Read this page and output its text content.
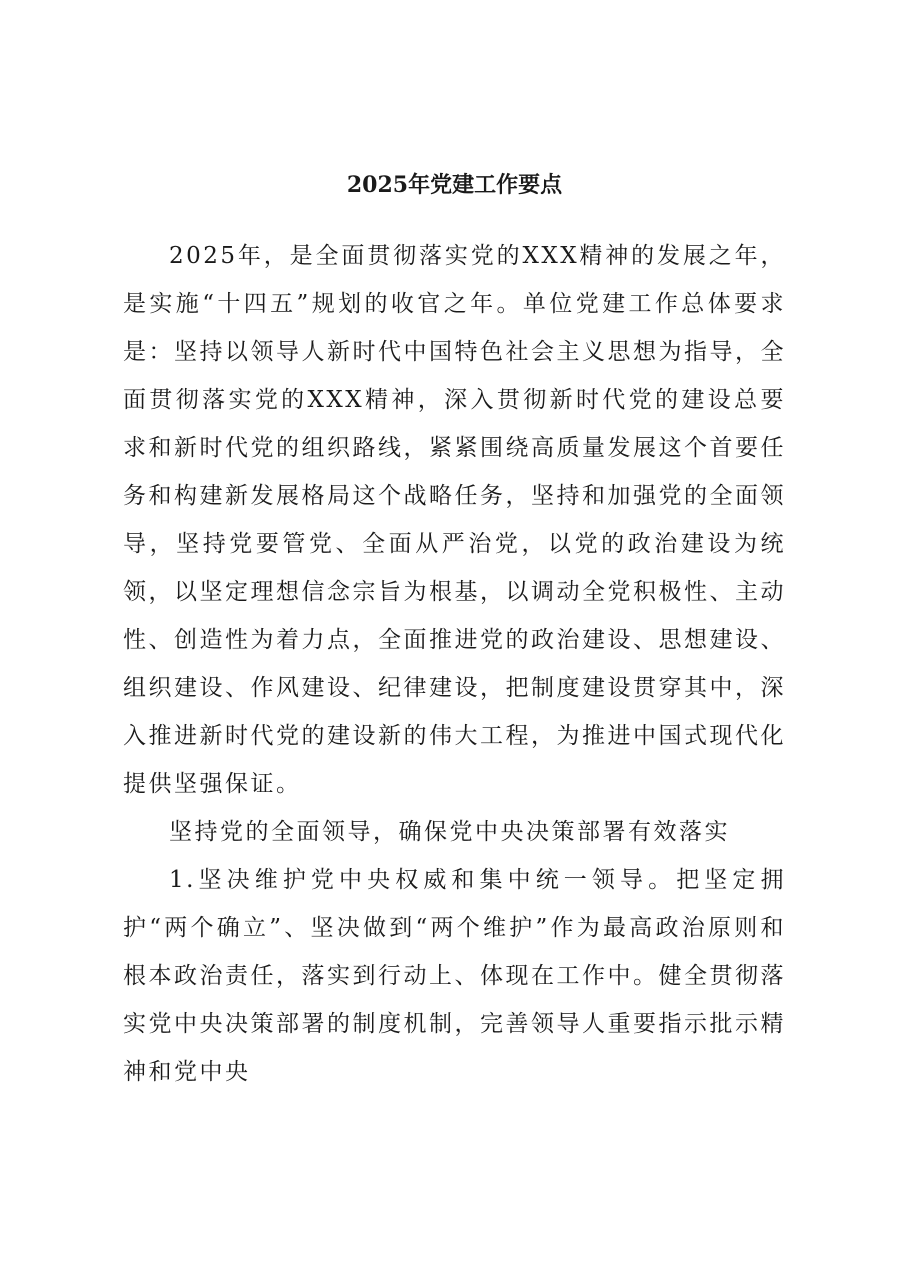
2025年党建工作要点

2025年，是全面贯彻落实党的XXX精神的发展之年，是实施“十四五”规划的收官之年。单位党建工作总体要求是：坚持以领导人新时代中国特色社会主义思想为指导，全面贯彻落实党的XXX精神，深入贯彻新时代党的建设总要求和新时代党的组织路线，紧紧围绕高质量发展这个首要任务和构建新发展格局这个战略任务，坚持和加强党的全面领导，坚持党要管党、全面从严治党，以党的政治建设为统领，以坚定理想信念宗旨为根基，以调动全党积极性、主动性、创造性为着力点，全面推进党的政治建设、思想建设、组织建设、作风建设、纪律建设，把制度建设贯穿其中，深入推进新时代党的建设新的伟大工程，为推进中国式现代化提供坚强保证。

坚持党的全面领导，确保党中央决策部署有效落实

1.坚决维护党中央权威和集中统一领导。把坚定拥护“两个确立”、坚决做到“两个维护”作为最高政治原则和根本政治责任，落实到行动上、体现在工作中。健全贯彻落实党中央决策部署的制度机制，完善领导人重要指示批示精神和党中央
